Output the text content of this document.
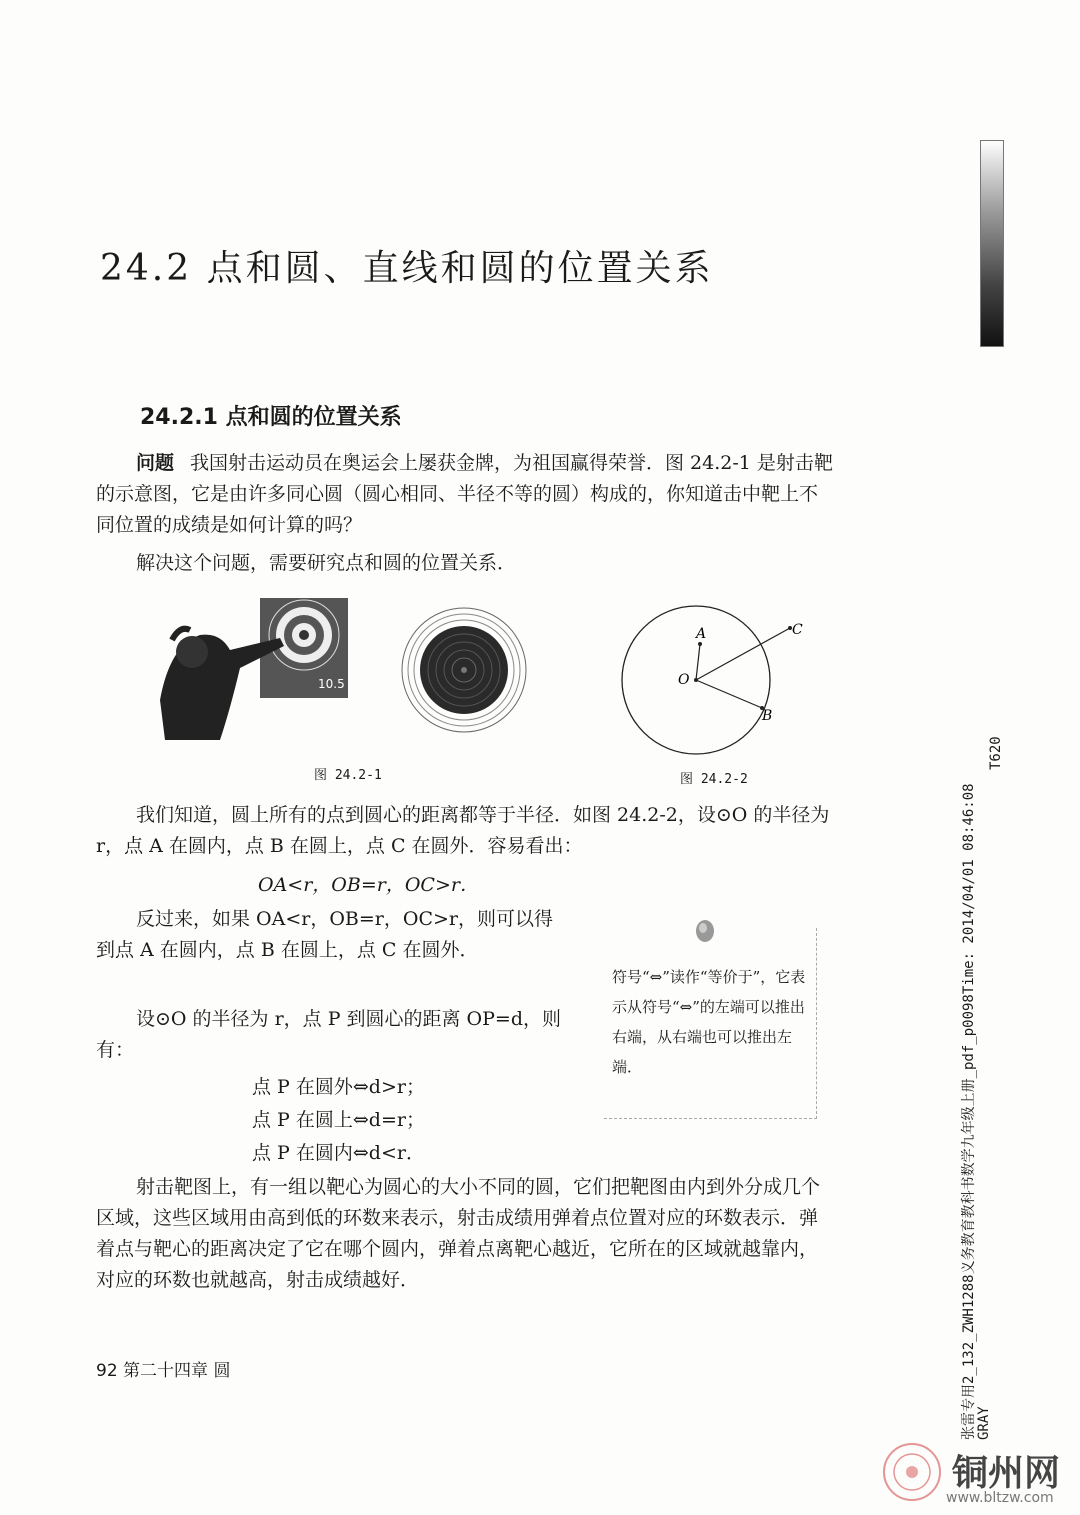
24.2 点和圆、直线和圆的位置关系
24.2.1 点和圆的位置关系
问题 我国射击运动员在奥运会上屡获金牌，为祖国赢得荣誉．图 24.2-1 是射击靶的示意图，它是由许多同心圆（圆心相同、半径不等的圆）构成的，你知道击中靶上不同位置的成绩是如何计算的吗？
解决这个问题，需要研究点和圆的位置关系．
10.5
图 24.2-1
A	C
O
B
图 24.2-2
我们知道，圆上所有的点到圆心的距离都等于半径．如图 24.2-2，设⊙O 的半径为 r，点 A 在圆内，点 B 在圆上，点 C 在圆外．容易看出：
OA<r，OB=r，OC>r．
反过来，如果 OA<r，OB=r，OC>r，则可以得到点 A 在圆内，点 B 在圆上，点 C 在圆外．
设⊙O 的半径为 r，点 P 到圆心的距离 OP=d，则有：
点 P 在圆外⇔d>r；
点 P 在圆上⇔d=r；
点 P 在圆内⇔d<r．
符号“⇔”读作“等价于”，它表示从符号“⇔”的左端可以推出右端，从右端也可以推出左端．
射击靶图上，有一组以靶心为圆心的大小不同的圆，它们把靶图由内到外分成几个区域，这些区域用由高到低的环数来表示，射击成绩用弹着点位置对应的环数表示．弹着点与靶心的距离决定了它在哪个圆内，弹着点离靶心越近，它所在的区域就越靠内，对应的环数也就越高，射击成绩越好．
92 第二十四章 圆
T620
张雷专用2_132_ZWH1288义务教育教科书数学九年级上册_pdf_p0098Time: 2014/04/01 08:46:08 GRAY
铜州网
www.bltzw.com
